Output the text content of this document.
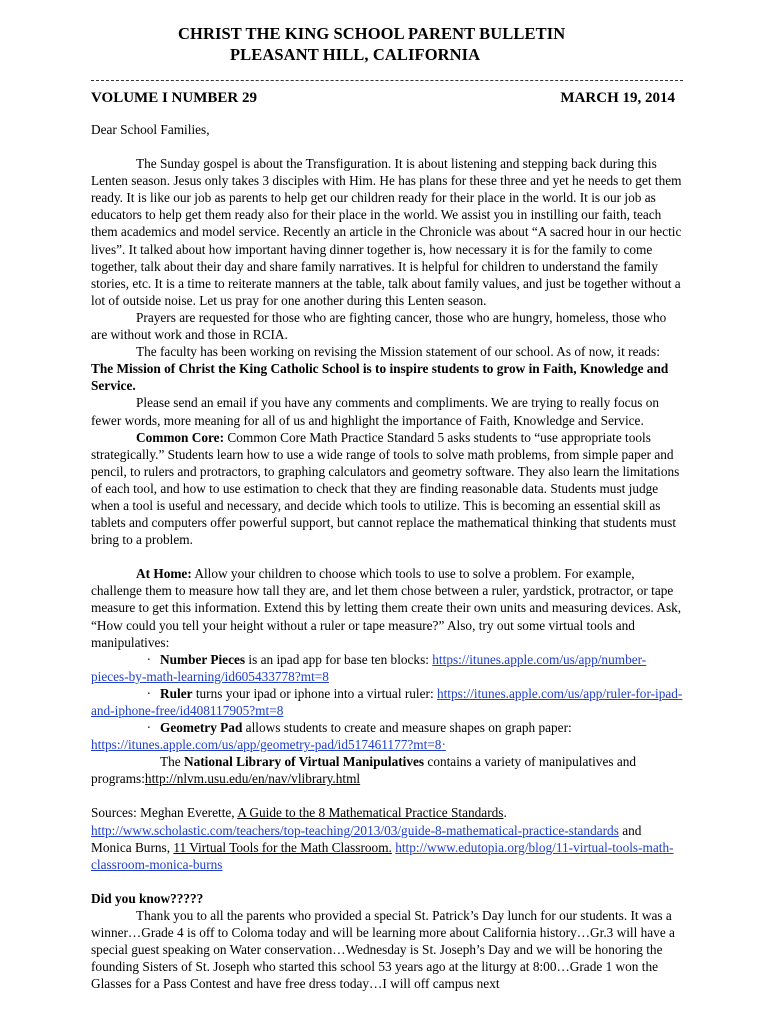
CHRIST THE KING SCHOOL PARENT BULLETIN
PLEASANT HILL, CALIFORNIA
VOLUME I NUMBER 29	MARCH 19, 2014

Dear School Families,

The Sunday gospel is about the Transfiguration. It is about listening and stepping back during this Lenten season. Jesus only takes 3 disciples with Him. He has plans for these three and yet he needs to get them ready. It is like our job as parents to help get our children ready for their place in the world. It is our job as educators to help get them ready also for their place in the world. We assist you in instilling our faith, teach them academics and model service. Recently an article in the Chronicle was about “A sacred hour in our hectic lives”. It talked about how important having dinner together is, how necessary it is for the family to come together, talk about their day and share family narratives. It is helpful for children to understand the family stories, etc. It is a time to reiterate manners at the table, talk about family values, and just be together without a lot of outside noise. Let us pray for one another during this Lenten season.

Prayers are requested for those who are fighting cancer, those who are hungry, homeless, those who are without work and those in RCIA.

The faculty has been working on revising the Mission statement of our school. As of now, it reads: The Mission of Christ the King Catholic School is to inspire students to grow in Faith, Knowledge and Service.

Please send an email if you have any comments and compliments. We are trying to really focus on fewer words, more meaning for all of us and highlight the importance of Faith, Knowledge and Service.

Common Core: Common Core Math Practice Standard 5 asks students to “use appropriate tools strategically.” Students learn how to use a wide range of tools to solve math problems, from simple paper and pencil, to rulers and protractors, to graphing calculators and geometry software. They also learn the limitations of each tool, and how to use estimation to check that they are finding reasonable data. Students must judge when a tool is useful and necessary, and decide which tools to utilize. This is becoming an essential skill as tablets and computers offer powerful support, but cannot replace the mathematical thinking that students must bring to a problem.

At Home: Allow your children to choose which tools to use to solve a problem. For example, challenge them to measure how tall they are, and let them chose between a ruler, yardstick, protractor, or tape measure to get this information. Extend this by letting them create their own units and measuring devices. Ask, “How could you tell your height without a ruler or tape measure?” Also, try out some virtual tools and manipulatives:

· Number Pieces is an ipad app for base ten blocks: https://itunes.apple.com/us/app/number-pieces-by-math-learning/id605433778?mt=8

· Ruler turns your ipad or iphone into a virtual ruler: https://itunes.apple.com/us/app/ruler-for-ipad-and-iphone-free/id408117905?mt=8

· Geometry Pad allows students to create and measure shapes on graph paper: https://itunes.apple.com/us/app/geometry-pad/id517461177?mt=8·

The National Library of Virtual Manipulatives contains a variety of manipulatives and programs:http://nlvm.usu.edu/en/nav/vlibrary.html

Sources: Meghan Everette, A Guide to the 8 Mathematical Practice Standards. http://www.scholastic.com/teachers/top-teaching/2013/03/guide-8-mathematical-practice-standards and Monica Burns, 11 Virtual Tools for the Math Classroom. http://www.edutopia.org/blog/11-virtual-tools-math-classroom-monica-burns

Did you know?????

Thank you to all the parents who provided a special St. Patrick’s Day lunch for our students. It was a winner…Grade 4 is off to Coloma today and will be learning more about California history…Gr.3 will have a special guest speaking on Water conservation…Wednesday is St. Joseph’s Day and we will be honoring the founding Sisters of St. Joseph who started this school 53 years ago at the liturgy at 8:00…Grade 1 won the Glasses for a Pass Contest and have free dress today…I will off campus next
